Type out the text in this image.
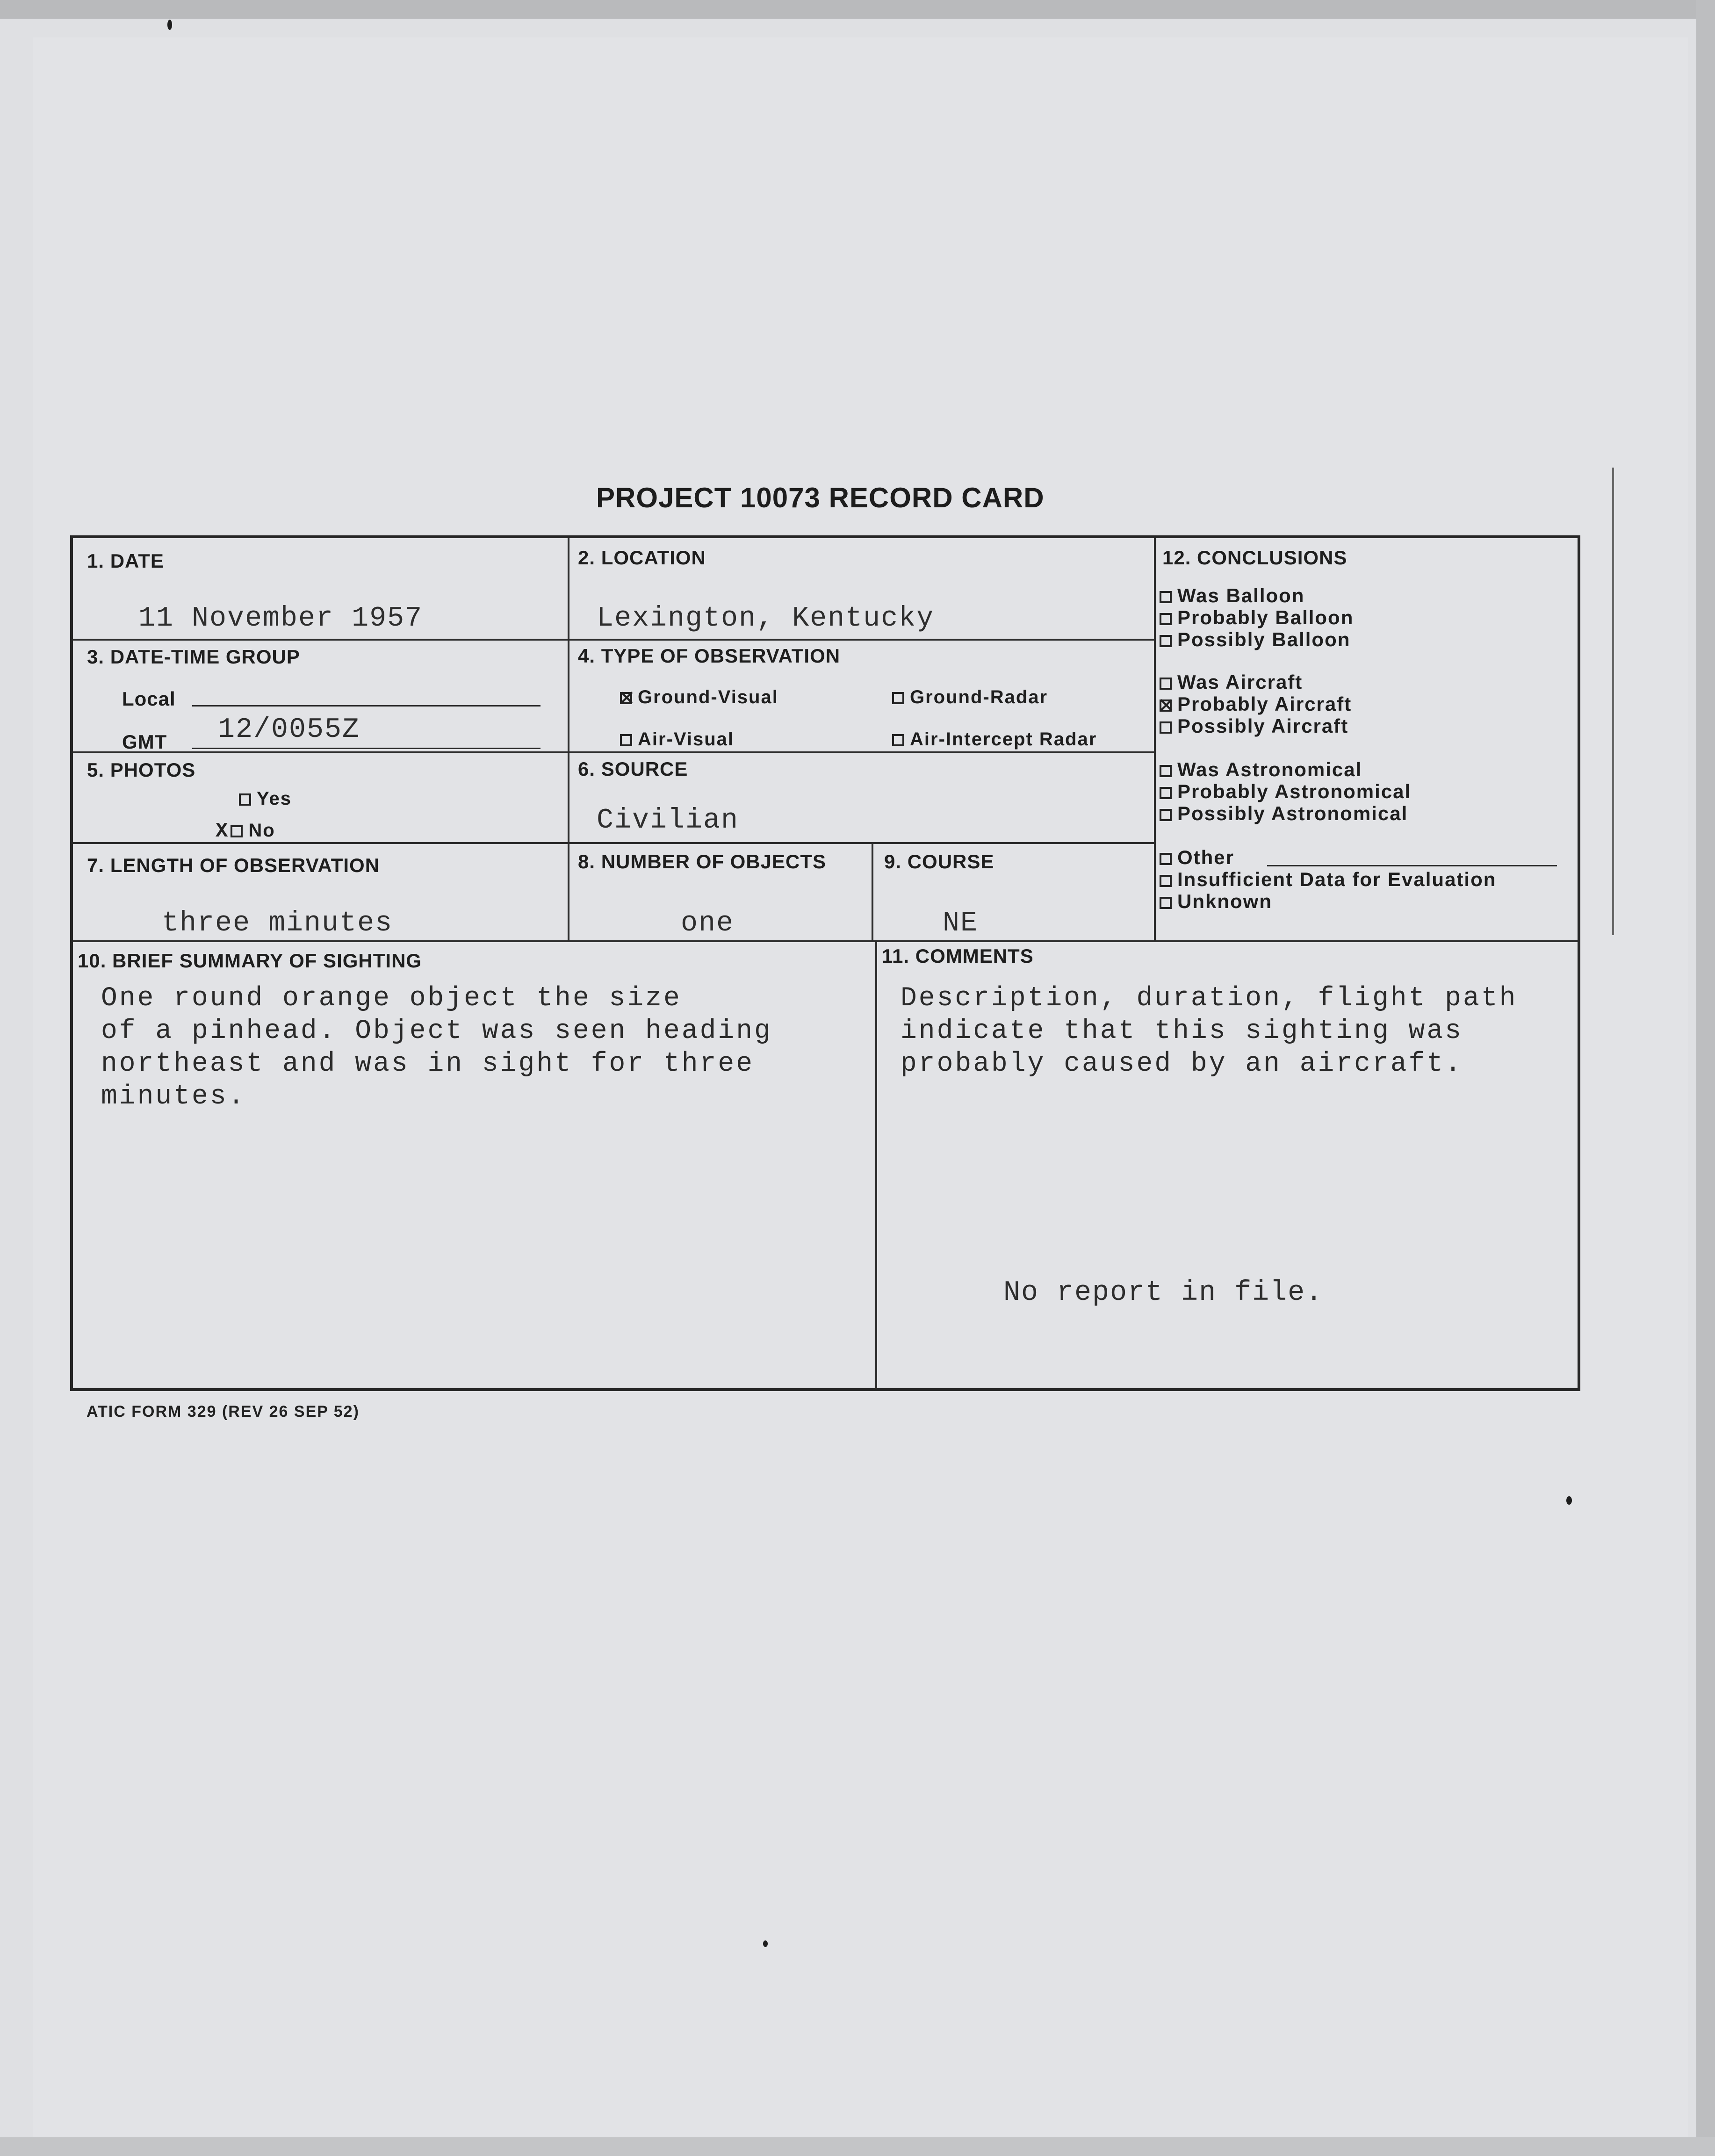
PROJECT 10073 RECORD CARD
1. DATE
11 November 1957
2. LOCATION
Lexington, Kentucky
3. DATE-TIME GROUP
Local
GMT 12/0055Z
4. TYPE OF OBSERVATION
✕Ground-Visual	Ground-Radar
Air-Visual	Air-Intercept Radar
5. PHOTOS
Yes
X No
6. SOURCE
Civilian
7. LENGTH OF OBSERVATION
three minutes
8. NUMBER OF OBJECTS
one
9. COURSE
NE
10. BRIEF SUMMARY OF SIGHTING
One round orange object the size
of a pinhead. Object was seen heading
northeast and was in sight for three
minutes.
11. COMMENTS
Description, duration, flight path
indicate that this sighting was
probably caused by an aircraft.
No report in file.
12. CONCLUSIONS
Was Balloon
Probably Balloon
Possibly Balloon
Was Aircraft
✕Probably Aircraft
Possibly Aircraft
Was Astronomical
Probably Astronomical
Possibly Astronomical
Other
Insufficient Data for Evaluation
Unknown
ATIC FORM 329 (REV 26 SEP 52)
